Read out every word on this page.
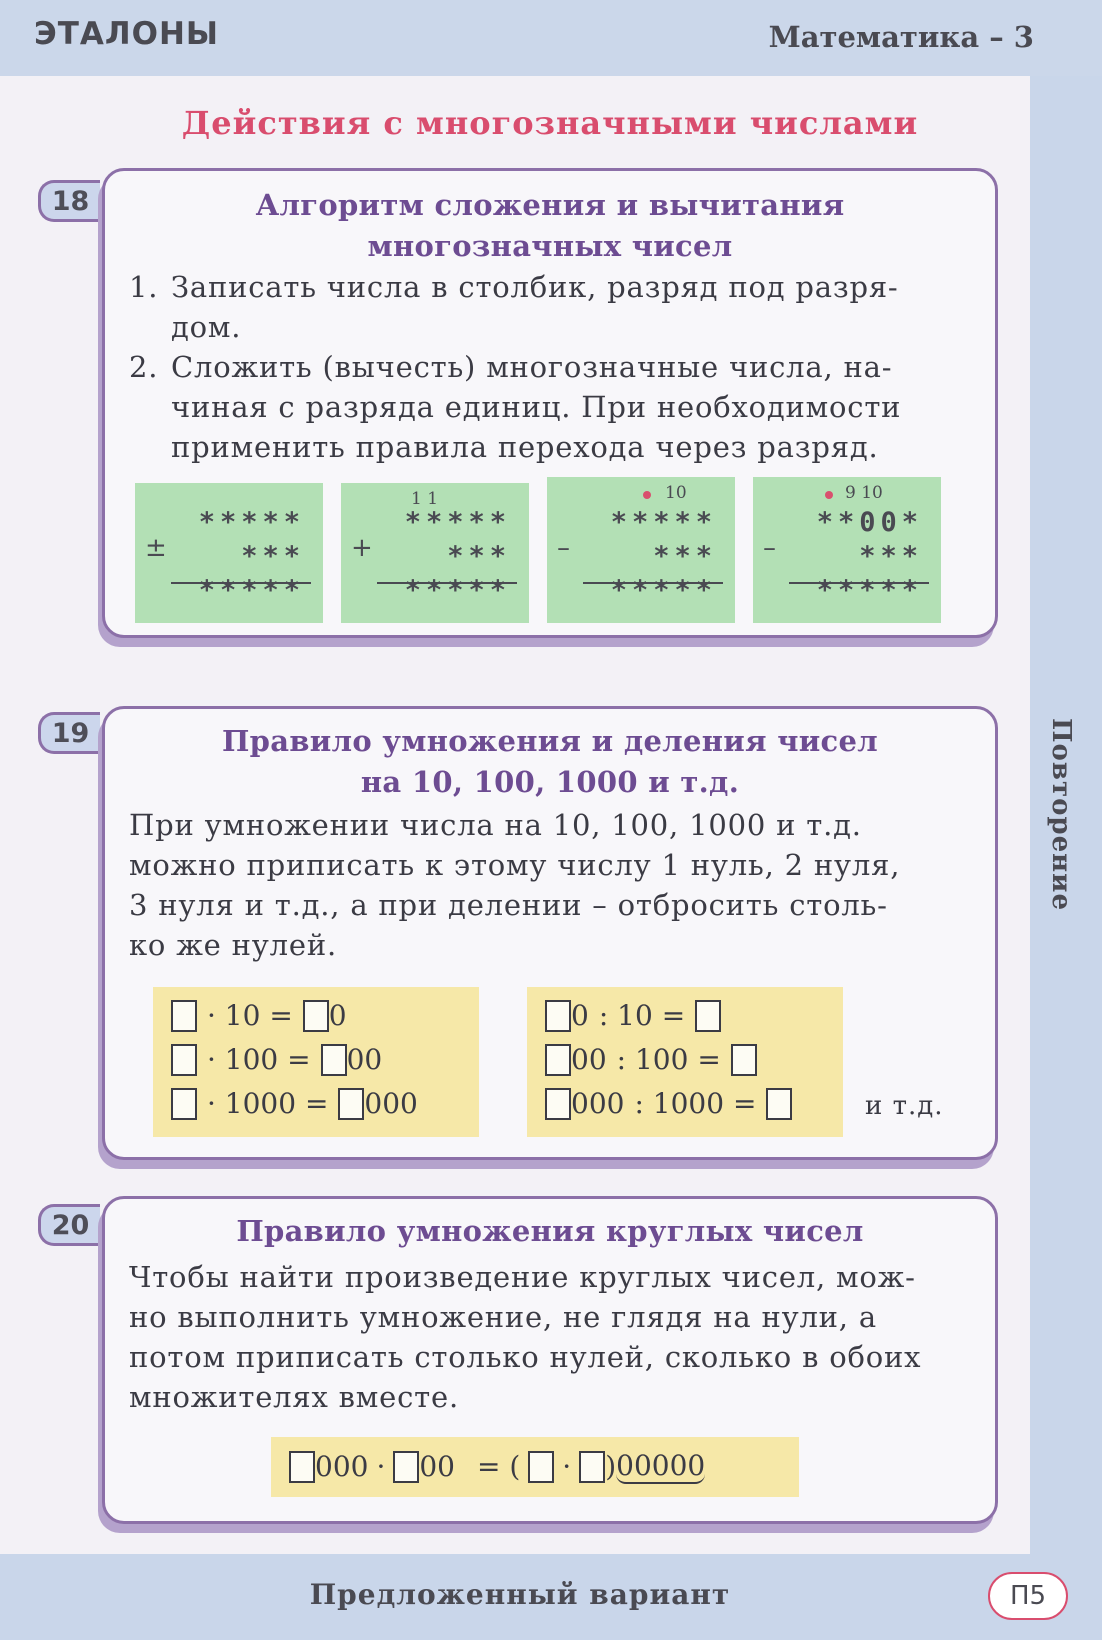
ЭТАЛОНЫ	Математика – 3
Повторение
Действия с многозначными числами
18	Алгоритм сложения и вычитания
многозначных чисел
1. Записать числа в столбик, разряд под разря-
дом.
2. Сложить (вычесть) многозначные числа, на-
чиная с разряда единиц. При необходимости
применить правила перехода через разряд.
±
*****
***
*****
1 1
+
*****
***
*****
10
–
*****
***
*****
9 10
–
**00*
***
*****
19	Правило умножения и деления чисел
на 10, 100, 1000 и т.д.
При умножении числа на 10, 100, 1000 и т.д.
можно приписать к этому числу 1 нуль, 2 нуля,
3 нуля и т.д., а при делении – отбросить столь-
ко же нулей.
· 10 = 0
· 100 = 00
· 1000 = 000
0 : 10 =
00 : 100 =
000 : 1000 =	и т.д.
20	Правило умножения круглых чисел
Чтобы найти произведение круглых чисел, мож-
но выполнить умножение, не глядя на нули, а
потом приписать столько нулей, сколько в обоих
множителях вместе.
000 · 00 = ( · ) 00000
Предложенный вариант	П5
